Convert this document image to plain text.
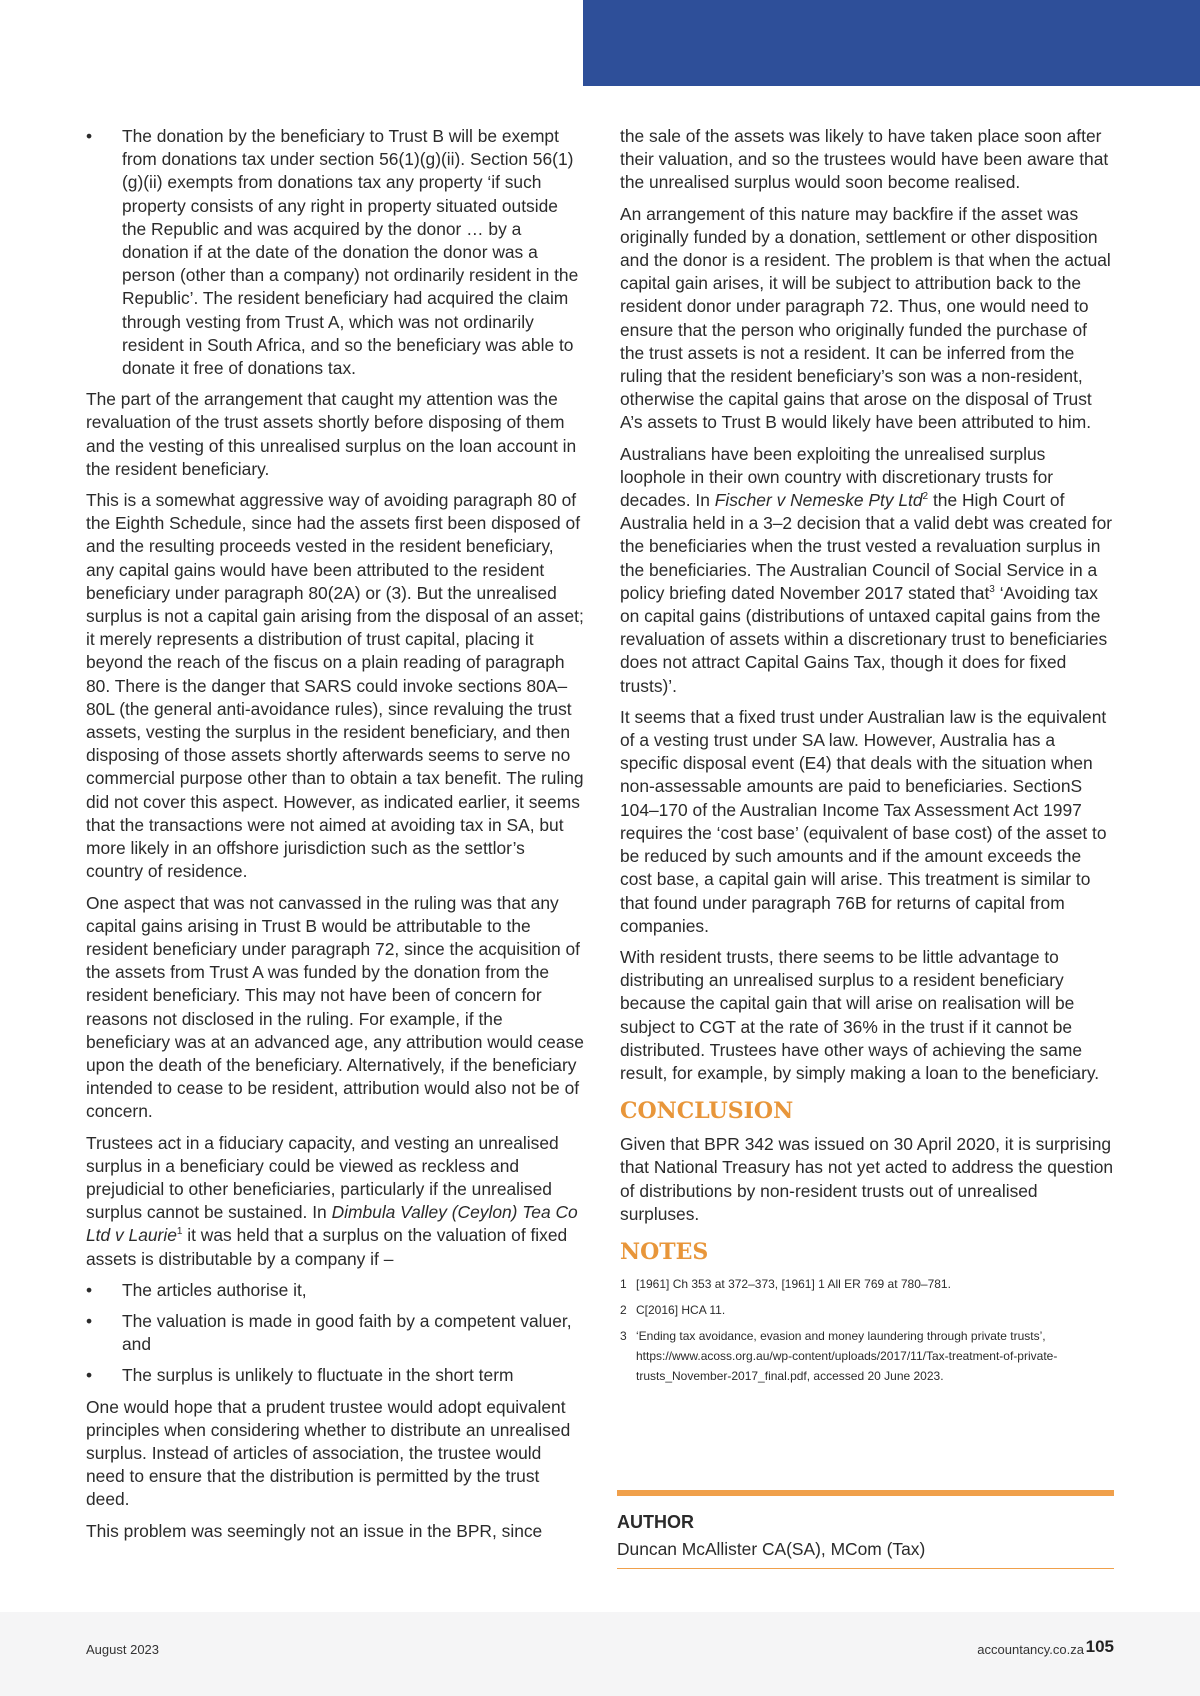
• The donation by the beneficiary to Trust B will be exempt from donations tax under section 56(1)(g)(ii). Section 56(1)(g)(ii) exempts from donations tax any property ‘if such property consists of any right in property situated outside the Republic and was acquired by the donor … by a donation if at the date of the donation the donor was a person (other than a company) not ordinarily resident in the Republic’. The resident beneficiary had acquired the claim through vesting from Trust A, which was not ordinarily resident in South Africa, and so the beneficiary was able to donate it free of donations tax.

The part of the arrangement that caught my attention was the revaluation of the trust assets shortly before disposing of them and the vesting of this unrealised surplus on the loan account in the resident beneficiary.

This is a somewhat aggressive way of avoiding paragraph 80 of the Eighth Schedule, since had the assets first been disposed of and the resulting proceeds vested in the resident beneficiary, any capital gains would have been attributed to the resident beneficiary under paragraph 80(2A) or (3). But the unrealised surplus is not a capital gain arising from the disposal of an asset; it merely represents a distribution of trust capital, placing it beyond the reach of the fiscus on a plain reading of paragraph 80. There is the danger that SARS could invoke sections 80A–80L (the general anti-avoidance rules), since revaluing the trust assets, vesting the surplus in the resident beneficiary, and then disposing of those assets shortly afterwards seems to serve no commercial purpose other than to obtain a tax benefit. The ruling did not cover this aspect. However, as indicated earlier, it seems that the transactions were not aimed at avoiding tax in SA, but more likely in an offshore jurisdiction such as the settlor’s country of residence.

One aspect that was not canvassed in the ruling was that any capital gains arising in Trust B would be attributable to the resident beneficiary under paragraph 72, since the acquisition of the assets from Trust A was funded by the donation from the resident beneficiary. This may not have been of concern for reasons not disclosed in the ruling. For example, if the beneficiary was at an advanced age, any attribution would cease upon the death of the beneficiary. Alternatively, if the beneficiary intended to cease to be resident, attribution would also not be of concern.

Trustees act in a fiduciary capacity, and vesting an unrealised surplus in a beneficiary could be viewed as reckless and prejudicial to other beneficiaries, particularly if the unrealised surplus cannot be sustained. In Dimbula Valley (Ceylon) Tea Co Ltd v Laurie$^1$ it was held that a surplus on the valuation of fixed assets is distributable by a company if –

• The articles authorise it,
• The valuation is made in good faith by a competent valuer, and
• The surplus is unlikely to fluctuate in the short term

One would hope that a prudent trustee would adopt equivalent principles when considering whether to distribute an unrealised surplus. Instead of articles of association, the trustee would need to ensure that the distribution is permitted by the trust deed.

This problem was seemingly not an issue in the BPR, since

the sale of the assets was likely to have taken place soon after their valuation, and so the trustees would have been aware that the unrealised surplus would soon become realised.

An arrangement of this nature may backfire if the asset was originally funded by a donation, settlement or other disposition and the donor is a resident. The problem is that when the actual capital gain arises, it will be subject to attribution back to the resident donor under paragraph 72. Thus, one would need to ensure that the person who originally funded the purchase of the trust assets is not a resident. It can be inferred from the ruling that the resident beneficiary’s son was a non-resident, otherwise the capital gains that arose on the disposal of Trust A’s assets to Trust B would likely have been attributed to him.

Australians have been exploiting the unrealised surplus loophole in their own country with discretionary trusts for decades. In Fischer v Nemeske Pty Ltd$^2$ the High Court of Australia held in a 3–2 decision that a valid debt was created for the beneficiaries when the trust vested a revaluation surplus in the beneficiaries. The Australian Council of Social Service in a policy briefing dated November 2017 stated that$^3$ ‘Avoiding tax on capital gains (distributions of untaxed capital gains from the revaluation of assets within a discretionary trust to beneficiaries does not attract Capital Gains Tax, though it does for fixed trusts)’.

It seems that a fixed trust under Australian law is the equivalent of a vesting trust under SA law. However, Australia has a specific disposal event (E4) that deals with the situation when non-assessable amounts are paid to beneficiaries. SectionS 104–170 of the Australian Income Tax Assessment Act 1997 requires the ‘cost base’ (equivalent of base cost) of the asset to be reduced by such amounts and if the amount exceeds the cost base, a capital gain will arise. This treatment is similar to that found under paragraph 76B for returns of capital from companies.

With resident trusts, there seems to be little advantage to distributing an unrealised surplus to a resident beneficiary because the capital gain that will arise on realisation will be subject to CGT at the rate of 36% in the trust if it cannot be distributed. Trustees have other ways of achieving the same result, for example, by simply making a loan to the beneficiary.

CONCLUSION

Given that BPR 342 was issued on 30 April 2020, it is surprising that National Treasury has not yet acted to address the question of distributions by non-resident trusts out of unrealised surpluses.

NOTES
1 [1961] Ch 353 at 372–373, [1961] 1 All ER 769 at 780–781.
2 C[2016] HCA 11.
3 ‘Ending tax avoidance, evasion and money laundering through private trusts’, https://www.acoss.org.au/wp-content/uploads/2017/11/Tax-treatment-of-private-trusts_November-2017_final.pdf, accessed 20 June 2023.
AUTHOR
Duncan McAllister CA(SA), MCom (Tax)
August 2023	accountancy.co.za 105
